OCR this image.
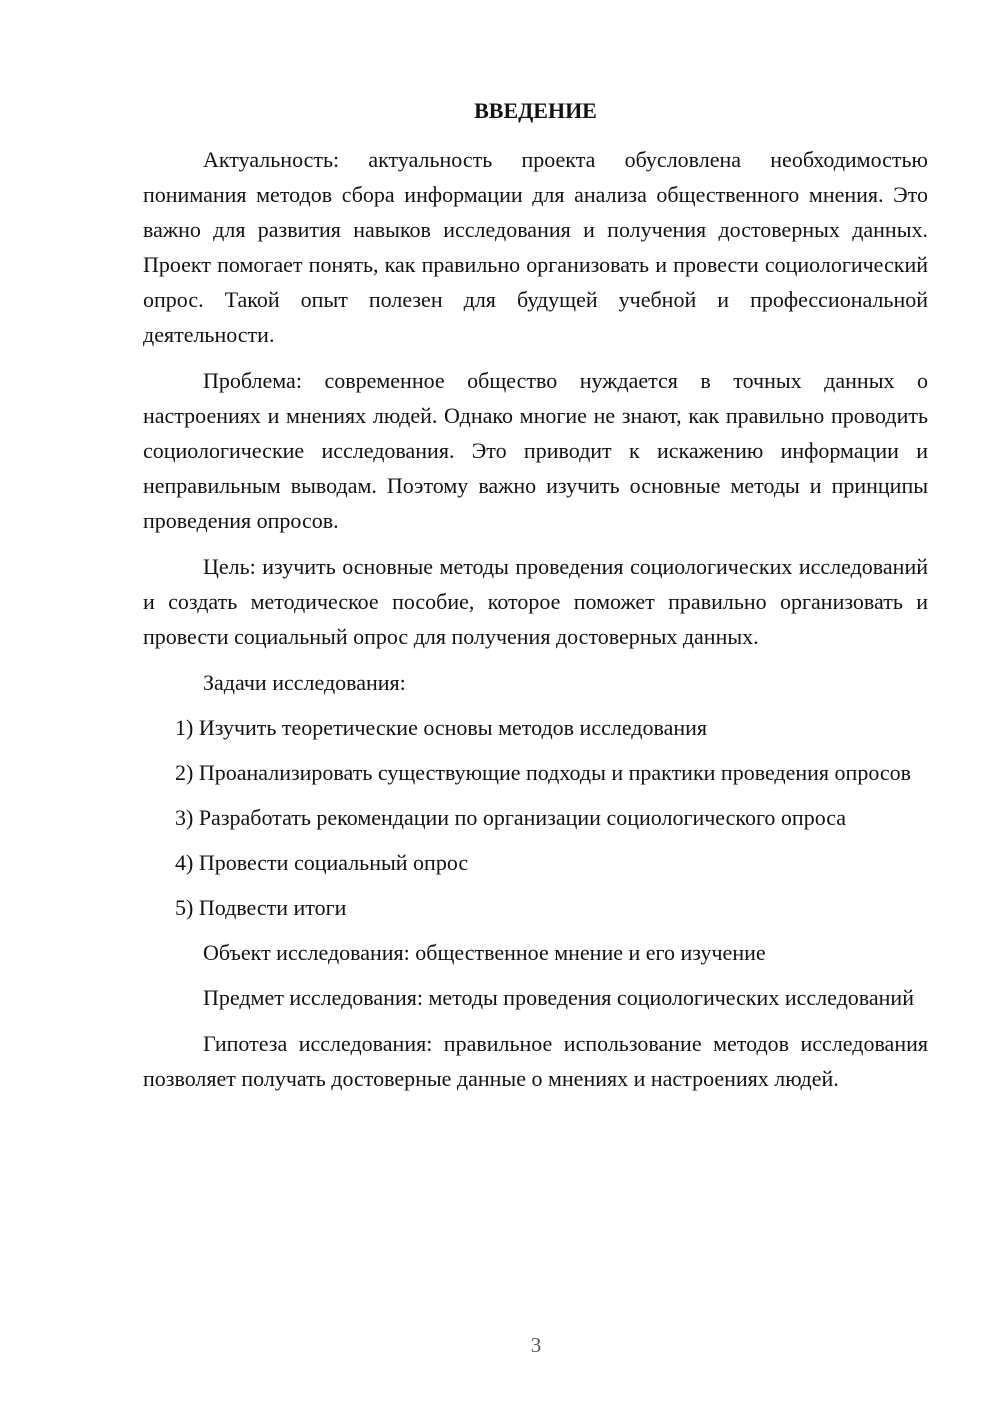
ВВЕДЕНИЕ

Актуальность: актуальность проекта обусловлена необходимостью понимания методов сбора информации для анализа общественного мнения. Это важно для развития навыков исследования и получения достоверных данных. Проект помогает понять, как правильно организовать и провести социологический опрос. Такой опыт полезен для будущей учебной и профессиональной деятельности.

Проблема: современное общество нуждается в точных данных о настроениях и мнениях людей. Однако многие не знают, как правильно проводить социологические исследования. Это приводит к искажению информации и неправильным выводам. Поэтому важно изучить основные методы и принципы проведения опросов.

Цель: изучить основные методы проведения социологических исследований и создать методическое пособие, которое поможет правильно организовать и провести социальный опрос для получения достоверных данных.

Задачи исследования:

1) Изучить теоретические основы методов исследования

2) Проанализировать существующие подходы и практики проведения опросов

3) Разработать рекомендации по организации социологического опроса

4) Провести социальный опрос

5) Подвести итоги

Объект исследования: общественное мнение и его изучение

Предмет исследования: методы проведения социологических исследований

Гипотеза исследования: правильное использование методов исследования позволяет получать достоверные данные о мнениях и настроениях людей.

3
